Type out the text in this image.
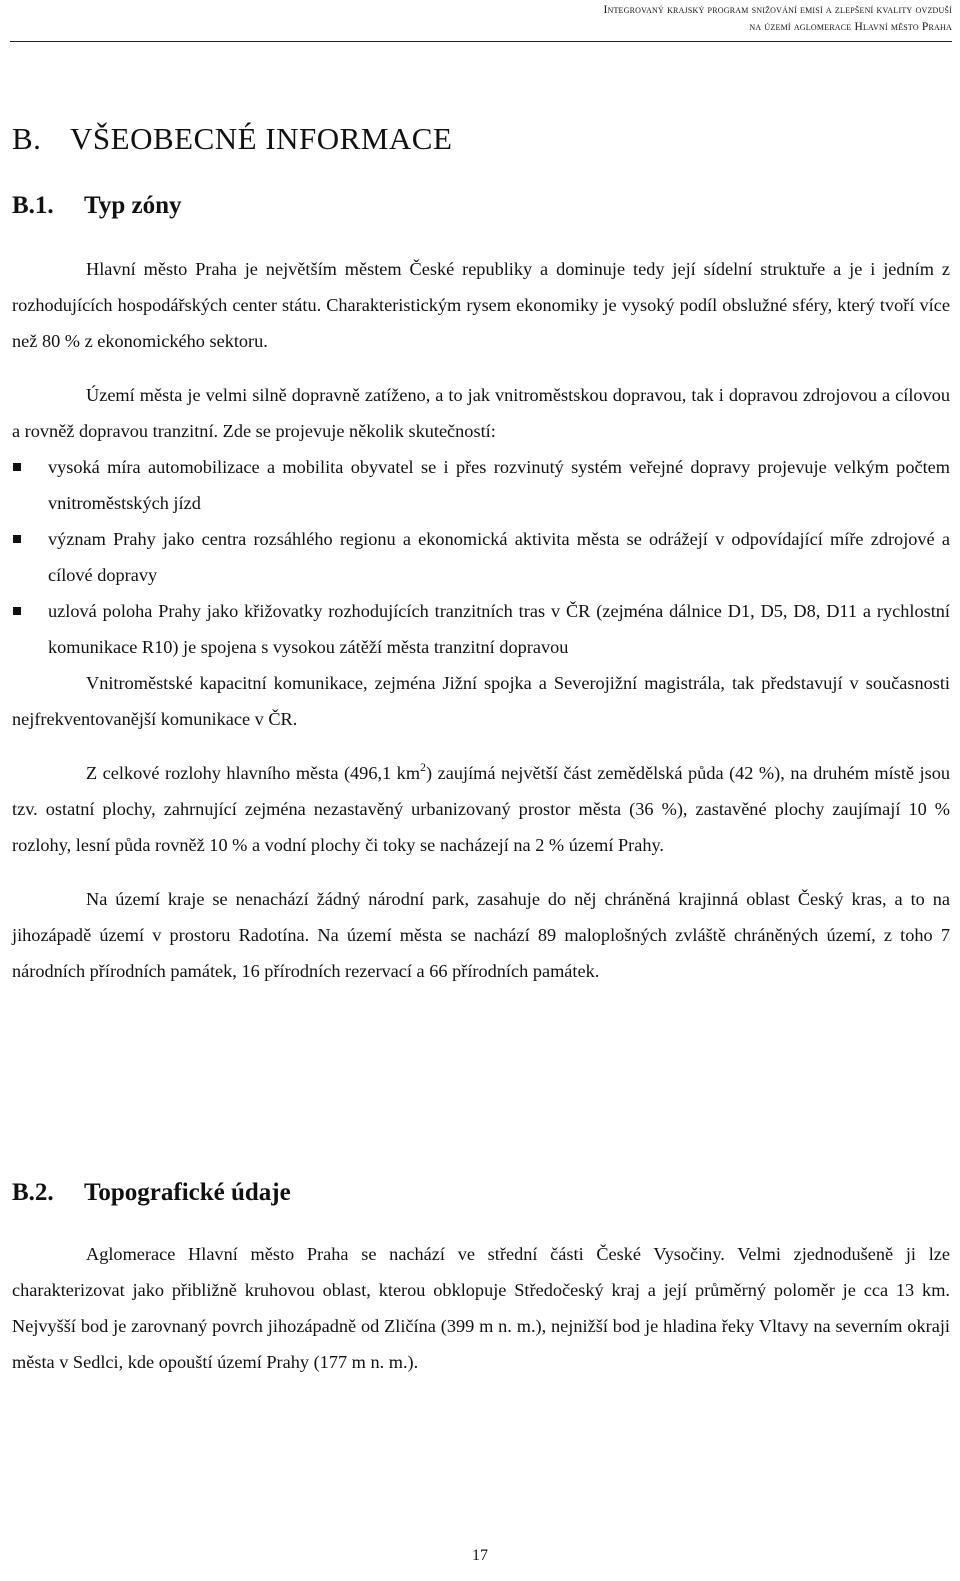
Integrovaný krajský program snižování emisí a zlepšení kvality ovzduší
na území aglomerace Hlavní město Praha
B. VŠEOBECNÉ INFORMACE
B.1. Typ zóny

Hlavní město Praha je největším městem České republiky a dominuje tedy její sídelní struktuře a je i jedním z rozhodujících hospodářských center státu. Charakteristickým rysem ekonomiky je vysoký podíl obslužné sféry, který tvoří více než 80 % z ekonomického sektoru.

Území města je velmi silně dopravně zatíženo, a to jak vnitroměstskou dopravou, tak i dopravou zdrojovou a cílovou a rovněž dopravou tranzitní. Zde se projevuje několik skutečností:

vysoká míra automobilizace a mobilita obyvatel se i přes rozvinutý systém veřejné dopravy projevuje velkým počtem vnitroměstských jízd
význam Prahy jako centra rozsáhlého regionu a ekonomická aktivita města se odrážejí v odpovídající míře zdrojové a cílové dopravy
uzlová poloha Prahy jako křižovatky rozhodujících tranzitních tras v ČR (zejména dálnice D1, D5, D8, D11 a rychlostní komunikace R10) je spojena s vysokou zátěží města tranzitní dopravou

Vnitroměstské kapacitní komunikace, zejména Jižní spojka a Severojižní magistrála, tak představují v současnosti nejfrekventovanější komunikace v ČR.

Z celkové rozlohy hlavního města (496,1 $km^2$) zaujímá největší část zemědělská půda (42 %), na druhém místě jsou tzv. ostatní plochy, zahrnující zejména nezastavěný urbanizovaný prostor města (36 %), zastavěné plochy zaujímají 10 % rozlohy, lesní půda rovněž 10 % a vodní plochy či toky se nacházejí na 2 % území Prahy.

Na území kraje se nenachází žádný národní park, zasahuje do něj chráněná krajinná oblast Český kras, a to na jihozápadě území v prostoru Radotína. Na území města se nachází 89 maloplošných zvláště chráněných území, z toho 7 národních přírodních památek, 16 přírodních rezervací a 66 přírodních památek.

B.2. Topografické údaje

Aglomerace Hlavní město Praha se nachází ve střední části České Vysočiny. Velmi zjednodušeně ji lze charakterizovat jako přibližně kruhovou oblast, kterou obklopuje Středočeský kraj a její průměrný poloměr je cca 13 km. Nejvyšší bod je zarovnaný povrch jihozápadně od Zličína (399 m n. m.), nejnižší bod je hladina řeky Vltavy na severním okraji města v Sedlci, kde opouští území Prahy (177 m n. m.).

17
